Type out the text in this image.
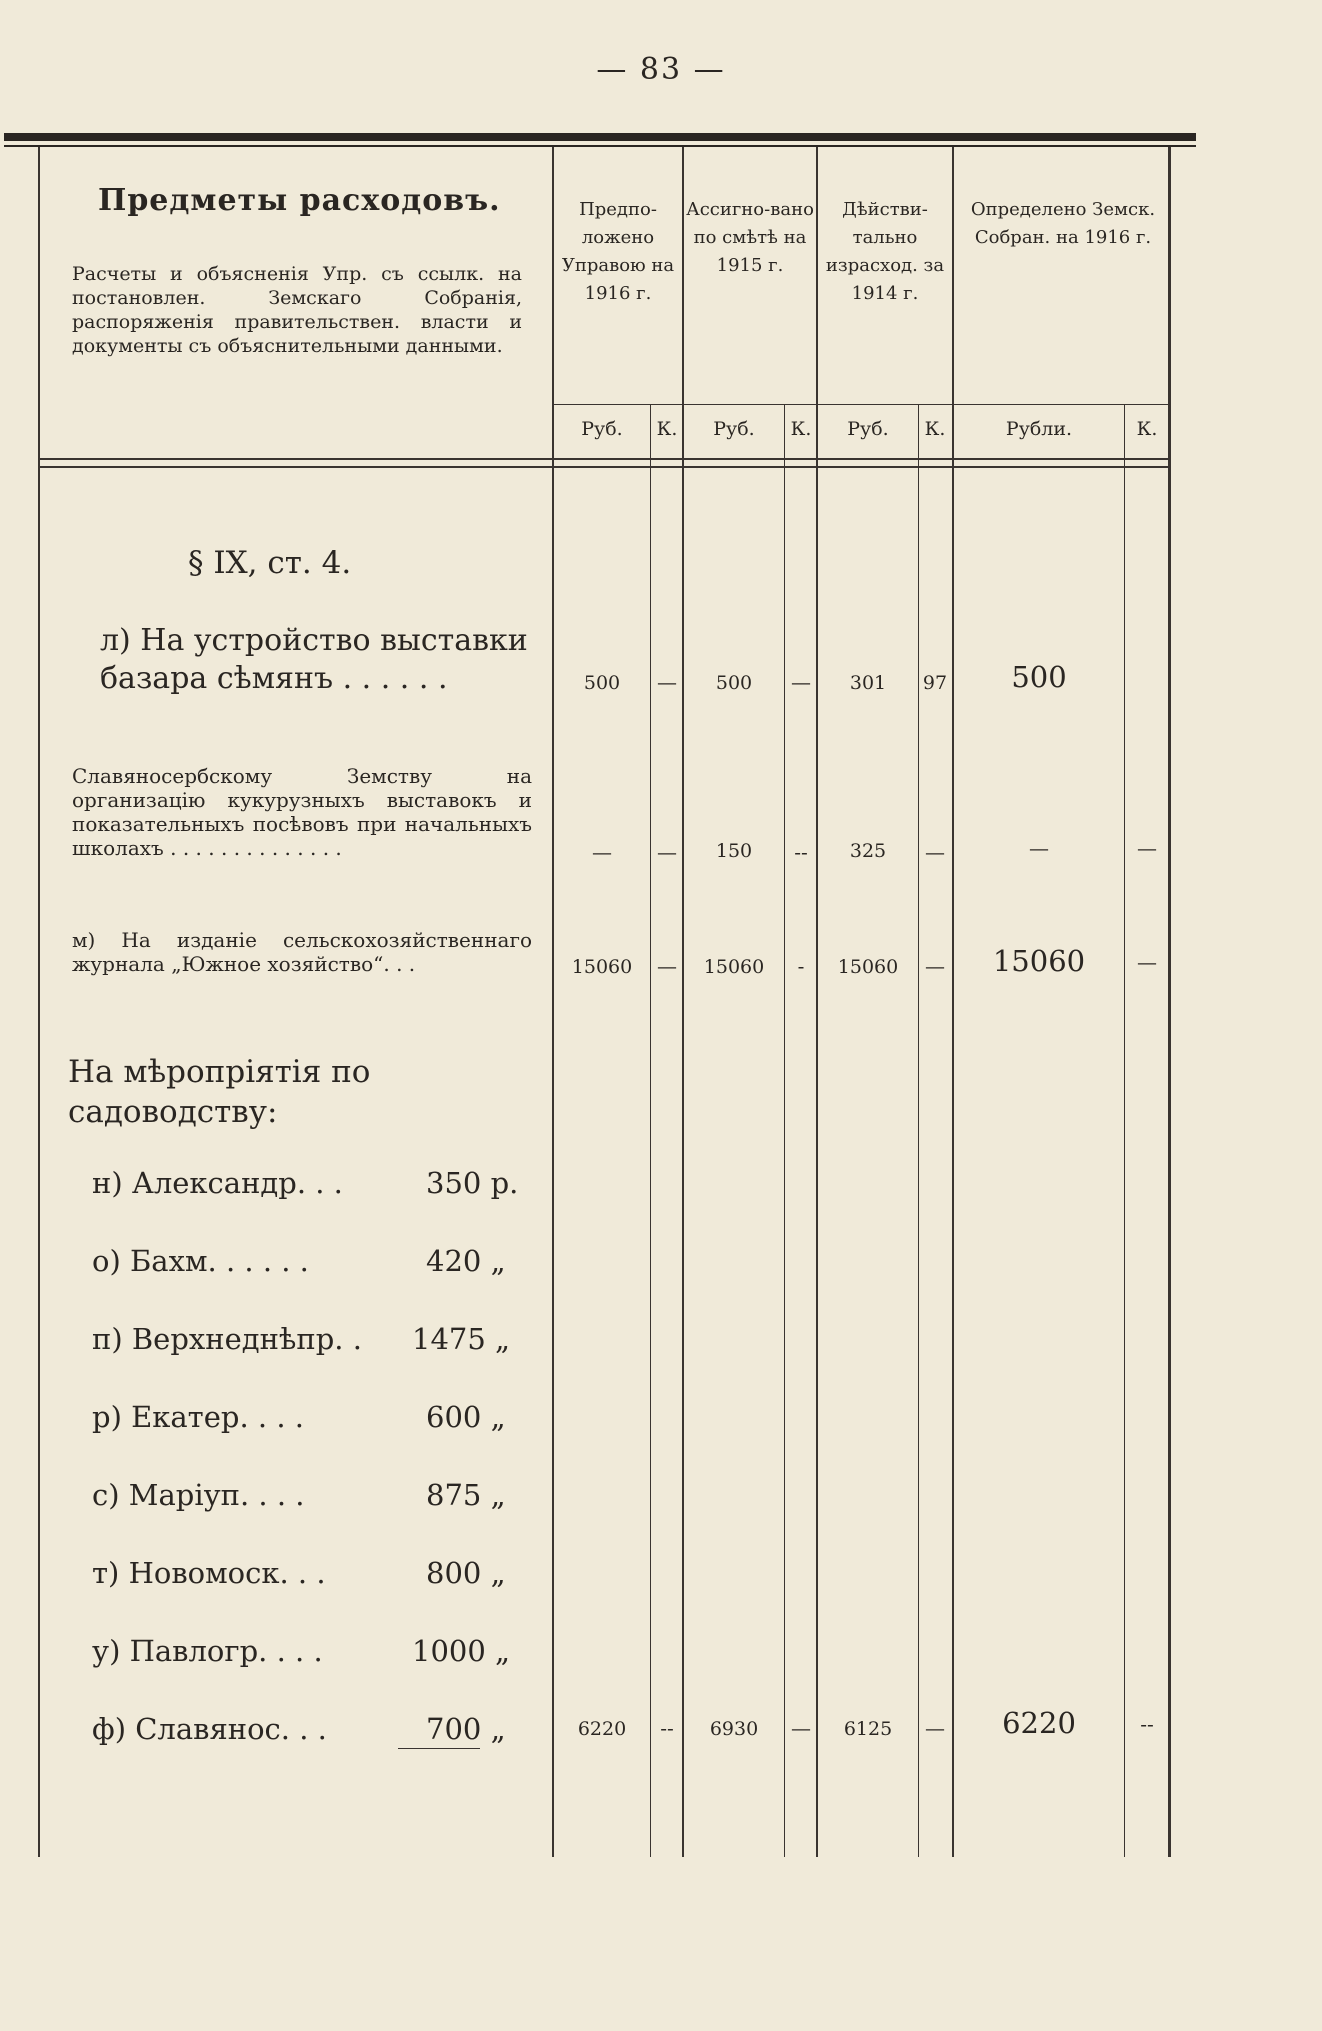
— 83 —
Предметы расходовъ.
Расчеты и объясненія Упр. съ ссылк. на постановлен. Земскаго Собранія, распоряженія правительствен. власти и документы съ объяснительными данными.
Предпо-ложено Управою на 1916 г.
Ассигно-вано по смѣтѣ на 1915 г.
Дѣйстви-тально израсход. за 1914 г.
Определено Земск. Собран. на 1916 г.
Руб.	К.	Руб.	К.	Руб.	К.	Рубли.	К.
§ IX, ст. 4.
л) На устройство выставки базара сѣмянъ . . . . . .	500	—	500	—	301	97	500
Славяносербскому Земству на организацію кукурузныхъ выставокъ и показательныхъ посѣвовъ при начальныхъ школахъ . . . . . . . . . . . . . .	—	—	150	--	325	—	—	—
м) На изданіе сельскохозяйственнаго журнала „Южное хозяйство“. . .	15060	—	15060	-	15060	—	15060	—
На мѣропріятія по садоводству:
н) Александр. . .	350 р.
о) Бахм. . . . . .	420 „
п) Верхнеднѣпр. . 1475 „
р) Екатер. . . .	600 „
с) Маріуп. . . .	875 „
т) Новомоск. . .	800 „
у) Павлогр. . . .	1000 „
ф) Славянос. . .	700 „	6220	--	6930	—	6125	—	6220	--
